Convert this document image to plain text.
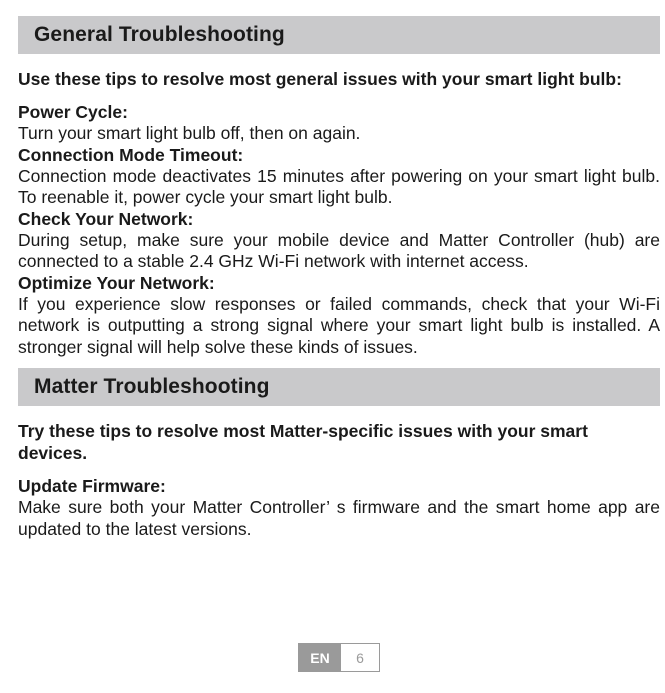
General Troubleshooting
Use these tips to resolve most general issues with your smart light bulb:
Power Cycle:
Turn your smart light bulb off, then on again.
Connection Mode Timeout:
Connection mode deactivates 15 minutes after powering on your smart light bulb. To reenable it, power cycle your smart light bulb.
Check Your Network:
During setup, make sure your mobile device and Matter Controller (hub) are connected to a stable 2.4 GHz Wi-Fi network with internet access.
Optimize Your Network:
If you experience slow responses or failed commands, check that your Wi-Fi network is outputting a strong signal where your smart light bulb is installed. A stronger signal will help solve these kinds of issues.
Matter Troubleshooting
Try these tips to resolve most Matter-specific issues with your smart devices.
Update Firmware:
Make sure both your Matter Controller’ s firmware and the smart home app are updated to the latest versions.
EN	6
